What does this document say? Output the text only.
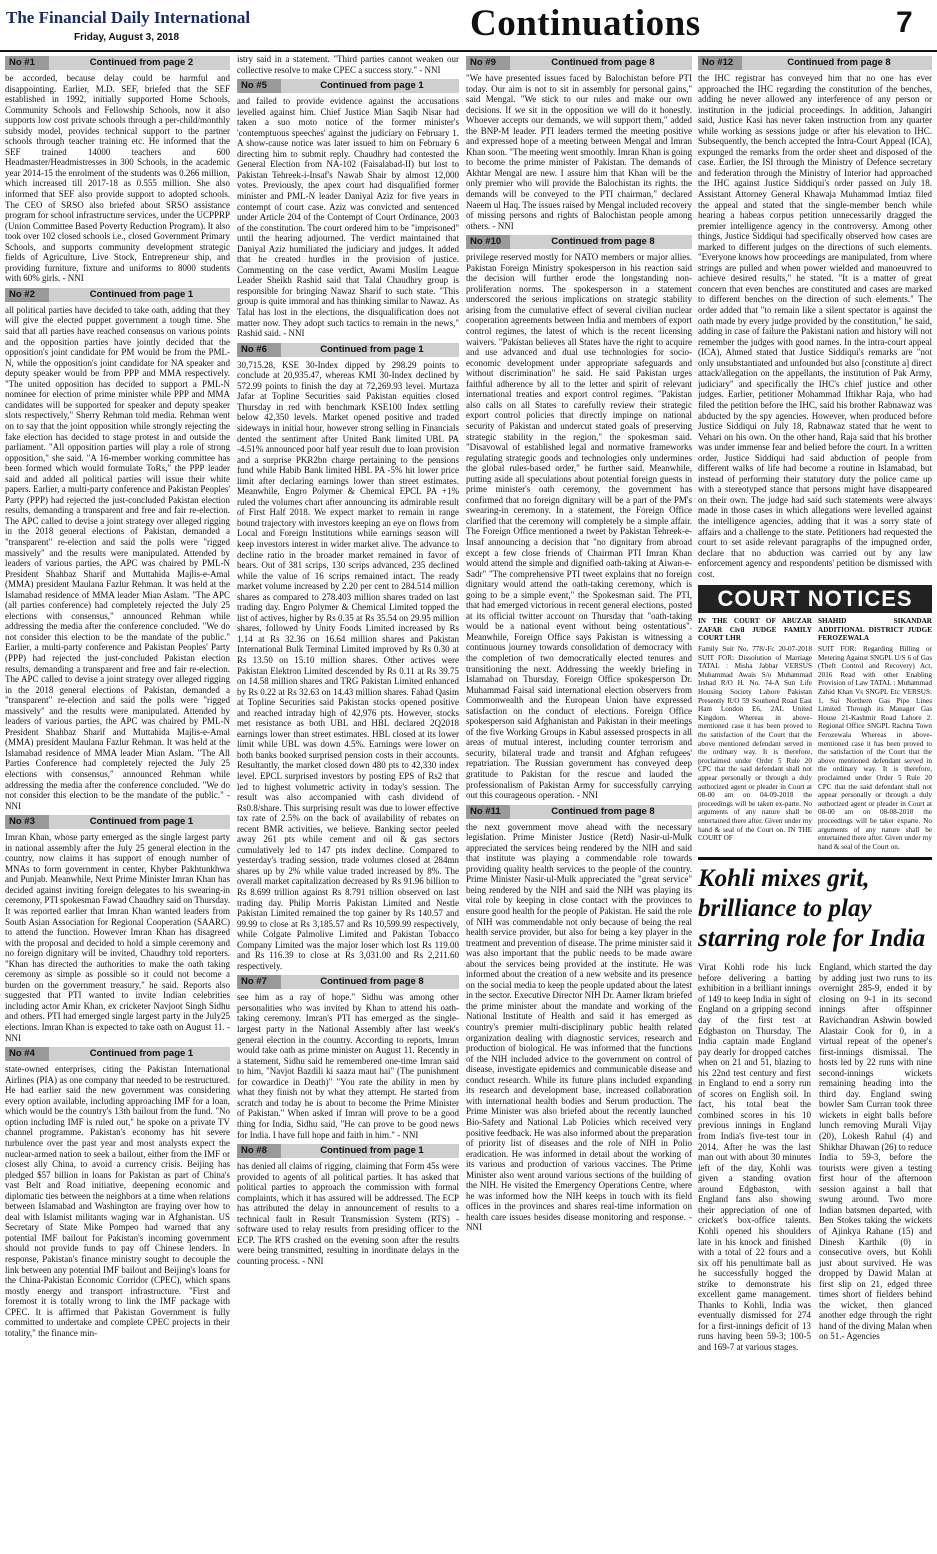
The Financial Daily International
Friday, August 3, 2018	Continuations	7
No #1	Continued from page 2

be accorded, because delay could be harmful and disappointing. Earlier, M.D. SEF, briefed that the SEF established in 1992, initially supported Home Schools, Community Schools and Fellowship Schools, now it also supports low cost private schools through a per-child/monthly subsidy model, provides technical support to the partner schools through teacher training etc. He informed that the SEF trained 14000 teachers and 600 Headmaster/Headmistresses in 300 Schools, in the academic year 2014-15 the enrolment of the students was 0.266 million, which increased till 2017-18 as 0.555 million. She also informed that SEF also provide support to adopted schools. The CEO of SRSO also briefed about SRSO assistance program for school infrastructure services, under the UCPPRP (Union Committee Based Poverty Reduction Program). It also took over 102 closed schools i.e., closed Government Primary Schools, and supports community development strategic fields of Agriculture, Live Stock, Entrepreneur ship, and providing furniture, fixture and uniforms to 8000 students with 60% girls. - NNI

No #2	Continued from page 1

all political parties have decided to take oath, adding that they will give the elected puppet government a tough time. She said that all parties have reached consensus on various points and the opposition parties have jointly decided that the opposition's joint candidate for PM would be from the PML-N, while the opposition's joint candidate for NA speaker and deputy speaker would be from PPP and MMA respectively. "The united opposition has decided to support a PML-N nominee for election of prime minister while PPP and MMA candidates will be supported for speaker and deputy speaker slots respectively," Sherry Rehman told media. Rehman went on to say that the joint opposition while strongly rejecting the fake election has decided to stage protest in and outside the parliament. "All opposition parties will play a role of strong opposition," she said. "A 16-member working committee has been formed which would formulate ToRs," the PPP leader said and added all political parties will issue their white papers. Earlier, a multi-party conference and Pakistan Peoples' Party (PPP) had rejected the just-concluded Pakistan election results, demanding a transparent and free and fair re-election. The APC called to devise a joint strategy over alleged rigging in the 2018 general elections of Pakistan, demanded a "transparent" re-election and said the polls were "rigged massively" and the results were manipulated. Attended by leaders of various parties, the APC was chaired by PML-N President Shahbaz Sharif and Muttahida Majlis-e-Amal (MMA) president Maulana Fazlur Rehman. It was held at the Islamabad residence of MMA leader Mian Aslam. "The APC (all parties conference) had completely rejected the July 25 elections with consensus," announced Rehman while addressing the media after the conference concluded. "We do not consider this election to be the mandate of the public." Earlier, a multi-party conference and Pakistan Peoples' Party (PPP) had rejected the just-concluded Pakistan election results, demanding a transparent and free and fair re-election. The APC called to devise a joint strategy over alleged rigging in the 2018 general elections of Pakistan, demanded a "transparent" re-election and said the polls were "rigged massively" and the results were manipulated. Attended by leaders of various parties, the APC was chaired by PML-N President Shahbaz Sharif and Muttahida Majlis-e-Amal (MMA) president Maulana Fazlur Rehman. It was held at the Islamabad residence of MMA leader Mian Aslam. "The All Parties Conference had completely rejected the July 25 elections with consensus," announced Rehman while addressing the media after the conference concluded. "We do not consider this election to be the mandate of the public." - NNI

No #3	Continued from page 1

Imran Khan, whose party emerged as the single largest party in national assembly after the July 25 general election in the country, now claims it has support of enough number of MNAs to form government in center, Khyber Pakhtunkhwa and Punjab. Meanwhile, Next Prime Minister Imran Khan has decided against inviting foreign delegates to his swearing-in ceremony, PTI spokesman Fawad Chaudhry said on Thursday. It was reported earlier that Imran Khan wanted leaders from South Asian Association for Regional Cooperation (SAARC) to attend the function. However Imran Khan has disagreed with the proposal and decided to hold a simple ceremony and no foreign dignitary will be invited, Chaudhry told reporters. "Khan has directed the authorities to make the oath taking ceremony as simple as possible so it could not become a burden on the government treasury," he said. Reports also suggested that PTI wanted to invite Indian celebrities including actor Amir Khan, ex cricketer Navjoot Singh Sidhu and others. PTI had emerged single largest party in the July25 elections. Imran Khan is expected to take oath on August 11. - NNI

No #4	Continued from page 1

state-owned enterprises, citing the Pakistan International Airlines (PIA) as one company that needed to be restructured. He had earlier said the new government was considering every option available, including approaching IMF for a loan, which would be the country's 13th bailout from the fund. "No option including IMF is ruled out," he spoke on a private TV channel programme. Pakistan's economy has hit severe turbulence over the past year and most analysts expect the nuclear-armed nation to seek a bailout, either from the IMF or closest ally China, to avoid a currency crisis. Beijing has pledged $57 billion in loans for Pakistan as part of China's vast Belt and Road initiative, deepening economic and diplomatic ties between the neighbors at a time when relations between Islamabad and Washington are fraying over how to deal with Islamist militants waging war in Afghanistan. US Secretary of State Mike Pompeo had warned that any potential IMF bailout for Pakistan's incoming government should not provide funds to pay off Chinese lenders. In response, Pakistan's finance ministry sought to decouple the link between any potential IMF bailout and Beijing's loans for the China-Pakistan Economic Corridor (CPEC), which spans mostly energy and transport infrastructure. "First and foremost it is totally wrong to link the IMF package with CPEC. It is affirmed that Pakistan Government is fully committed to undertake and complete CPEC projects in their totality," the finance min-

istry said in a statement. "Third parties cannot weaken our collective resolve to make CPEC a success story." - NNI

No #5	Continued from page 1

and failed to provide evidence against the accusations levelled against him. Chief Justice Mian Saqib Nisar had taken a suo moto notice of the former minister's 'contemptuous speeches' against the judiciary on February 1. A show-cause notice was later issued to him on February 6 directing him to submit reply. Chaudhry had contested the General Election from NA-102 (Faisalabad-II) but lost to Pakistan Tehreek-i-Insaf's Nawab Shair by almost 12,000 votes. Previously, the apex court had disqualified former minister and PML-N leader Daniyal Aziz for five years in contempt of court case. Aziz was convicted and sentenced under Article 204 of the Contempt of Court Ordinance, 2003 of the constitution. The court ordered him to be "imprisoned" until the hearing adjourned. The verdict maintained that Daniyal Aziz humiliated the judiciary and judges. It added that he created hurdles in the provision of justice. Commenting on the case verdict, Awami Muslim League Leader Sheikh Rashid said that Talal Chaudhry group is responsible for bringing Nawaz Sharif to such state. "This group is quite immoral and has thinking similar to Nawaz. As Talal has lost in the elections, the disqualification does not matter now. They adopt such tactics to remain in the news," Rashid said. - NNI

No #6	Continued from page 1

30,715.28, KSE 30-Index dipped by 298.29 points to conclude at 20,935.47, whereas KMI 30-Index declined by 572.99 points to finish the day at 72,269.93 level. Murtaza Jafar at Topline Securities said Pakistan equities closed Thursday in red with benchmark KSE100 Index settling below 42,350 levels. Market opened positive and traded sideways in initial hour, however strong selling in Financials dented the sentiment after United Bank limited UBL PA -4.51% announced poor half year result due to loan provision and a surprise PKR2bn charge pertaining to the pensions fund while Habib Bank limited HBL PA -5% hit lower price limit after declaring earnings lower than street estimates. Meanwhile, Engro Polymer & Chemical EPCL PA +1% ruled the volumes chart after announcing its admirable result of First Half 2018. We expect market to remain in range bound trajectory with investors keeping an eye on flows from Local and Foreign Institutions while earnings season will keep investors interest in wider market alive. The advance to decline ratio in the broader market remained in favor of bears. Out of 381 scrips, 130 scrips advanced, 235 declined while the value of 16 scrips remained intact. The ready market volume increased by 2.20 per cent to 284.514 million shares as compared to 278.403 million shares traded on last trading day. Engro Polymer & Chemical Limited topped the list of actives, higher by Rs 0.35 at Rs 35.54 on 29.95 million shares, followed by Unity Foods Limited increased by Rs 1.14 at Rs 32.36 on 16.64 million shares and Pakistan International Bulk Terminal Limited improved by Rs 0.30 at Rs 13.50 on 15.10 million shares. Other actives were Pakistan Elektron Limited descended by Rs 0.11 at Rs 39.75 on 14.58 million shares and TRG Pakistan Limited enhanced by Rs 0.22 at Rs 32.63 on 14.43 million shares. Fahad Qasim at Topline Securities said Pakistan stocks opened positive and reached intraday high of 42,976 pts. However, stocks met resistance as both UBL and HBL declared 2Q2018 earnings lower than street estimates. HBL closed at its lower limit while UBL was down 4.5%. Earnings were lower on both banks booked surprised pension costs in their accounts. Resultantly, the market closed down 480 pts to 42,330 index level. EPCL surprised investors by posting EPS of Rs2 that led to highest volumetric activity in today's session. The result was also accompanied with cash dividend of Rs0.8/share. This surprising result was due to lower effective tax rate of 2.5% on the back of availability of rebates on recent BMR activities, we believe. Banking sector peeled away 261 pts while cement and oil & gas sectors cumulatively led to 147 pts index decline. Compared to yesterday's trading session, trade volumes closed at 284mn shares up by 2% while value traded increased by 8%. The overall market capitalization decreased by Rs 91.96 billion to Rs 8.699 trillion against Rs 8.791 trillion observed on last trading day. Philip Morris Pakistan Limited and Nestle Pakistan Limited remained the top gainer by Rs 140.57 and 99.99 to close at Rs 3,185.57 and Rs 10,599.99 respectively, while Colgate Palmolive Limited and Pakistan Tobacco Company Limited was the major loser which lost Rs 119.00 and Rs 116.39 to close at Rs 3,031.00 and Rs 2,211.60 respectively.

No #7	Continued from page 8

see him as a ray of hope." Sidhu was among other personalities who was invited by Khan to attend his oath-taking ceremony. Imran's PTI has emerged as the single-largest party in the National Assembly after last week's general election in the country. According to reports, Imran would take oath as prime minister on August 11. Recently in a statement, Sidhu said he remembered one-time Imran said to him, "Navjot Bazdili ki saaza maut hai" (The punishment for cowardice in Death)" "You rate the ability in men by what they finish not by what they attempt. He started from scratch and today he is about to become the Prime Minister of Pakistan." When asked if Imran will prove to be a good thing for India, Sidhu said, "He can prove to be good news for India. I have full hope and faith in him." - NNI

No #8	Continued from page 1

has denied all claims of rigging, claiming that Form 45s were provided to agents of all political parties. It has asked that political parties to approach the commission with formal complaints, which it has assured will be addressed. The ECP has attributed the delay in announcement of results to a technical fault in Result Transmission System (RTS) - software used to relay results from presiding officer to the ECP. The RTS crashed on the evening soon after the results were being transmitted, resulting in inordinate delays in the counting process. - NNI

No #9	Continued from page 8

"We have presented issues faced by Balochistan before PTI today. Our aim is not to sit in assembly for personal gains," said Mengal. "We stick to our rules and make our own decisions. If we sit in the opposition we will do it honestly. Whoever accepts our demands, we will support them," added the BNP-M leader. PTI leaders termed the meeting positive and expressed hope of a meeting between Mengal and Imran Khan soon. "The meeting went smoothly. Imran Khan is going to become the prime minister of Pakistan. The demands of Akhtar Mengal are new. I assure him that Khan will be the only premier who will provide the Balochistan its rights. the demands will be conveyed to the PTI chairman," declared Naeem ul Haq. The issues raised by Mengal included recovery of missing persons and rights of Balochistan people among others. - NNI

No #10	Continued from page 8

privilege reserved mostly for NATO members or major allies. Pakistan Foreign Ministry spokesperson in his reaction said the decision will further erode the longstanding non-proliferation norms. The spokesperson in a statement underscored the serious implications on strategic stability arising from the cumulative effect of several civilian nuclear cooperation agreements between India and members of export control regimes, the latest of which is the recent licensing waivers. "Pakistan believes all States have the right to acquire and use advanced and dual use technologies for socio-economic development under appropriate safeguards and without discrimination" he said. He said Pakistan urges faithful adherence by all to the letter and spirit of relevant international treaties and export control regimes. "Pakistan also calls on all States to carefully review their strategic export control policies that directly impinge on national security of Pakistan and undercut stated goals of preserving strategic stability in the region," the spokesman said. "Disavowal of established legal and normative frameworks regulating strategic goods and technologies only undermines the global rules-based order," he further said. Meanwhile, putting aside all speculations about potential foreign guests in prime minister's oath ceremony, the government has confirmed that no foreign dignitary will be a part of the PM's swearing-in ceremony. In a statement, the Foreign Office clarified that the ceremony will completely be a simple affair. The Foreign Office mentioned a tweet by Pakistan Tehreek-e-Insaf announcing a decision that "no dignitary from abroad except a few close friends of Chairman PTI Imran Khan would attend the simple and dignified oath-taking at Aiwan-e-Sadr" "The comprehensive PTI tweet explains that no foreign dignitary would attend the oath-taking ceremony, which is going to be a simple event," the Spokesman said. The PTI, that had emerged victorious in recent general elections, posted at its official twitter account on Thursday that "oath-taking would be a national event without being ostentatious". Meanwhile, Foreign Office says Pakistan is witnessing a continuous journey towards consolidation of democracy with the completion of two democratically elected tenures and transitioning the next. Addressing the weekly briefing in Islamabad on Thursday, Foreign Office spokesperson Dr. Muhammad Faisal said international election observers from Commonwealth and the European Union have expressed satisfaction on the conduct of elections. Foreign Office spokesperson said Afghanistan and Pakistan in their meetings of the five Working Groups in Kabul assessed prospects in all areas of mutual interest, including counter terrorism and security, bilateral trade and transit and Afghan refugees' repatriation. The Russian government has conveyed deep gratitude to Pakistan for the rescue and lauded the professionalism of Pakistan Army for successfully carrying out this courageous operation. - NNI

No #11	Continued from page 8

the next government move ahead with the necessary legislation. Prime Minister Justice (Retd) Nasir-ul-Mulk appreciated the services being rendered by the NIH and said that institute was playing a commendable role towards providing quality health services to the people of the country. Prime Minister Nasir-ul-Mulk appreciated the "great service" being rendered by the NIH and said the NIH was playing its vital role by keeping in close contact with the provinces to ensure good health for the people of Pakistan. He said the role of NIH was commendable not only because of being the real health service provider, but also for being a key player in the treatment and prevention of disease. The prime minister said it was also important that the public needs to be made aware about the services being provided at the institute. He was informed about the creation of a new website and its presence on the social media to keep the people updated about the latest in the sector. Executive Director NIH Dr. Aamer Ikram briefed the prime minister about the mandate and working of the National Institute of Health and said it has emerged as country's premier multi-disciplinary public health related organization dealing with diagnostic services, research and production of biological. He was informed that the functions of the NIH included advice to the government on control of disease, investigate epidemics and communicable disease and conduct research. While its future plans included expanding its research and development base, increased collaboration with international health bodies and Serum production. The Prime Minister was also briefed about the recently launched Bio-Safety and National Lab Policies which received very positive feedback. He was also informed about the preparation of priority list of diseases and the role of NIH in Polio eradication. He was informed in detail about the working of its various and production of various vaccines. The Prime Minister also went around various sections of the building of the NIH. He visited the Emergency Operations Centre, where he was informed how the NIH keeps in touch with its field offices in the provinces and shares real-time information on health care issues besides disease monitoring and response. - NNI

No #12	Continued from page 8

the IHC registrar has conveyed him that no one has ever approached the IHC regarding the constitution of the benches, adding he never allowed any interference of any person or institution in the judicial proceedings. In addition, Jahangiri said, Justice Kasi has never taken instruction from any quarter while working as sessions judge or after his elevation to IHC. Subsequently, the bench accepted the Intra-Court Appeal (ICA), expunged the remarks from the order sheet and disposed of the case. Earlier, the ISI through the Ministry of Defence secretary and federation through the Ministry of Interior had approached the IHC against Justice Siddiqui's order passed on July 18. Assistant Attorney General Khawaja Muhammad Imtiaz filed the appeal and stated that the single-member bench while hearing a habeas corpus petition unnecessarily dragged the premier intelligence agency in the controversy. Among other things, Justice Siddiqui had specifically observed how cases are marked to different judges on the directions of such elements. "Everyone knows how proceedings are manipulated, from where strings are pulled and when power wielded and manoeuvred to achieve desired results," he stated. "It is a matter of great concern that even benches are constituted and cases are marked to different benches on the direction of such elements." The order added that "to remain like a silent spectator is against the oath made by every judge provided by the constitution," he said, adding in case of failure the Pakistani nation and history will not remember the judges with good names. In the intra-court appeal (ICA), Ahmed stated that Justice Siddiqui's remarks are "not only unsubstantiated and unfounded but also [constitute a] direct attack/allegation on the appellants, the institution of Pak Army, judiciary" and specifically the IHC's chief justice and other judges. Earlier, petitioner Mohammad Iftikhar Raja, who had filed the petition before the IHC, said his brother Rabnawaz was abducted by the spy agencies. However, when produced before Justice Siddiqui on July 18, Rabnawaz stated that he went to Vehari on his own. On the other hand, Raja said that his brother was under immense fear and belied before the court. In a written order, Justice Siddiqui had said abduction of people from different walks of life had become a routine in Islamabad, but instead of performing their statutory duty the police came up with a stereotyped stance that persons might have disappeared on their own. The judge had said such statements were always made in those cases in which allegations were levelled against the intelligence agencies, adding that it was a sorry state of affairs and a challenge to the state. Petitioners had requested the court to set aside relevant paragraphs of the impugned order, declare that no abduction was carried out by any law enforcement agency and respondents' petition be dismissed with cost.

COURT NOTICES
IN THE COURT OF ABUZAR ZAFAR Civil JUDGE FAMILY COURT LHR
Family Suit No. 778/-Fc 20-07-2018 SUIT FOR: Dissolution of Marriage TATAL : Misha Jabbar VERSUS Muhammad Awais S/o Muhammad Irshad R/O H. No. 74-A Sun Life Housing Society Lahore Pakistan Presently R/O 59 Southend Road East Ham London E6, 2AL United Kingdom. Whereas in above-mentioned case it has been proved to the satisfaction of the Court that the above mentioned defendant served in the ordinary way. It is therefore, proclaimed under Order 5 Rule 20 CPC that the said defendant shall not appear personally or through a duly authorized agent or pleader in Court at 08-00 am on 04-09-2018 the proceedings will be taken ex-parte. No arguments of any nature shall be entertained there after. Given under my hand & seal of the Court on. IN THE COURT OF
SHAHID SIKANDAR ADDITIONAL DISTRICT JUDGE FEROZEWALA
SUIT FOR: Regarding Billing or Metering Against SNGPL U/S 6 of Gas (Theft Control and Recovery) Act, 2016 Read with other Enabling Provision of Law TATAL : Muhammad Zahid Khan Vs SNGPL Etc VERSUS: 1. Sui Northern Gas Pipe Lines Limited Through its Manager Gas House 21-Kashmir Road Lahore 2. Regional Office SNGPL Rachna Town Ferozewala Whereas in above-mentioned case it has been proved to the satisfaction of the Court that the above mentioned defendant served in the ordinary way. It is therefore, proclaimed under Order 5 Rule 20 CPC that the said defendant shall not appear personally or through a duly authorized agent or pleader in Court at 08-00 am on 08-08-2018 the proceedings will be taker exparte. No arguments of any nature shall be entertained there after. Given under my hand & seal of the Court on.
Kohli mixes grit, brilliance to play starring role for India
Virat Kohli rode his luck before delivering a batting exhibition in a brilliant innings of 149 to keep India in sight of England on a gripping second day of the first test at Edgbaston on Thursday. The India captain made England pay dearly for dropped catches when on 21 and 51, blazing to his 22nd test century and first in England to end a sorry run of scores on English soil. In fact, his total beat the combined scores in his 10 previous innings in England from India's five-test tour in 2014. After he was the last man out with about 30 minutes left of the day, Kohli was given a standing ovation around Edgbaston, with England fans also showing their appreciation of one of cricket's box-office talents. Kohli opened his shoulders late in his knock and finished with a total of 22 fours and a six off his penultimate ball as he successfully hogged the strike to demonstrate his excellent game management. Thanks to Kohli, India was eventually dismissed for 274 for a first-innings deficit of 13 runs having been 59-3; 100-5 and 169-7 at various stages.
England, which started the day by adding just two runs to its overnight 285-9, ended it by closing on 9-1 in its second innings after offspinner Ravichandran Ashwin bowled Alastair Cook for 0, in a virtual repeat of the opener's first-innings dismissal. The hosts led by 22 runs with nine second-innings wickets remaining heading into the third day. England swing bowler Sam Curran took three wickets in eight balls before lunch removing Murali Vijay (20), Lokesh Rahul (4) and Shikhar Dhawan (26) to reduce India to 59-3, before the tourists were given a testing first hour of the afternoon session against a ball that swung around. Two more Indian batsmen departed, with Ben Stokes taking the wickets of Ajinkya Rahane (15) and Dinesh Karthik (0) in consecutive overs, but Kohli just about survived. He was dropped by Dawid Malan at first slip on 21, edged three times short of fielders behind the wicket, then glanced another edge through the right hand of the diving Malan when on 51.- Agencies
